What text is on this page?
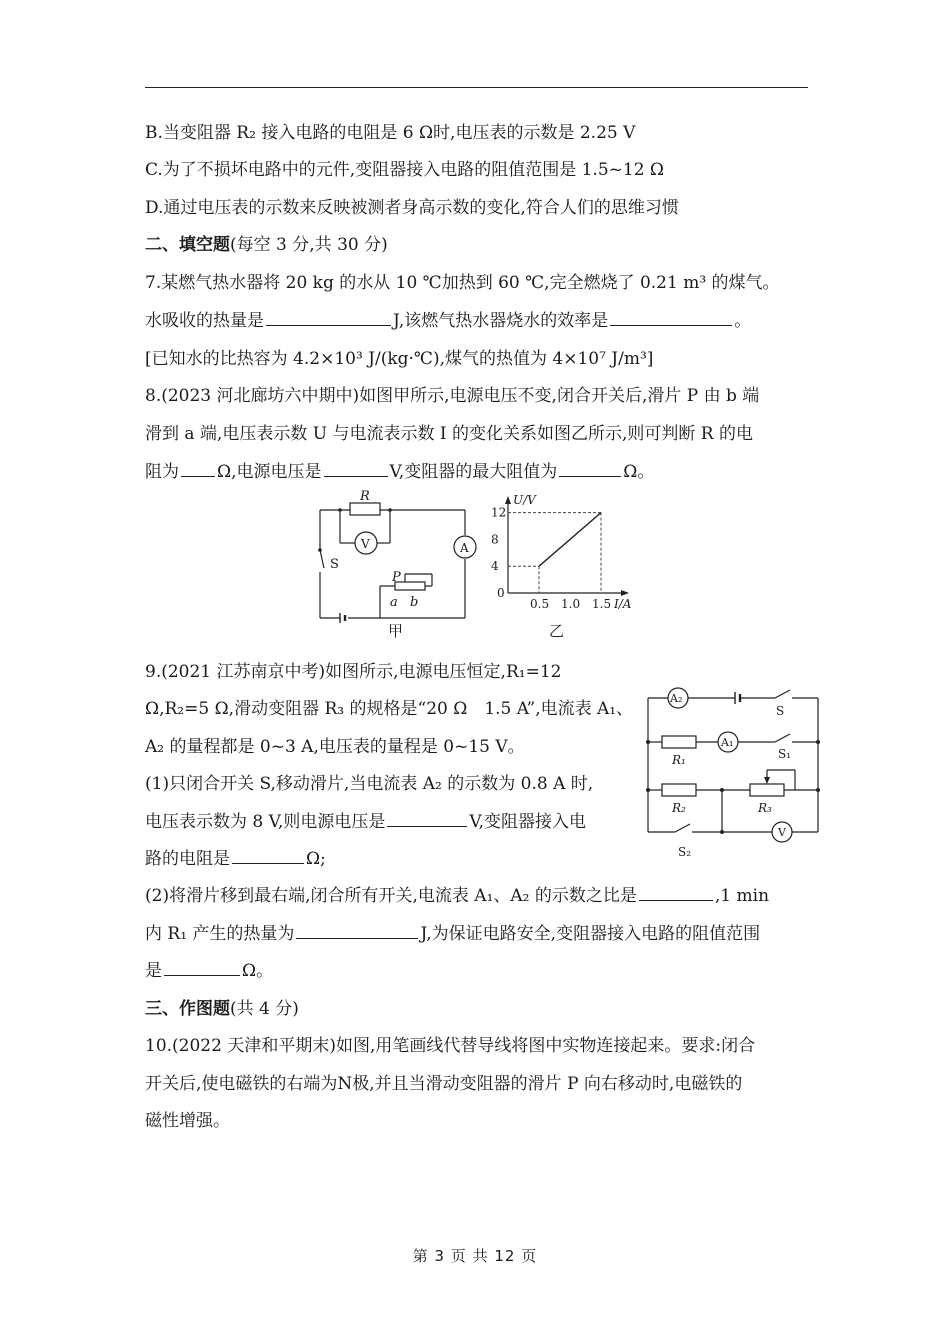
B.当变阻器 R₂ 接入电路的电阻是 6 Ω时,电压表的示数是 2.25 V
C.为了不损坏电路中的元件,变阻器接入电路的阻值范围是 1.5~12 Ω
D.通过电压表的示数来反映被测者身高示数的变化,符合人们的思维习惯
二、填空题(每空 3 分,共 30 分)
7.某燃气热水器将 20 kg 的水从 10 ℃加热到 60 ℃,完全燃烧了 0.21 m³ 的煤气。
水吸收的热量是	J,该燃气热水器烧水的效率是	。
[已知水的比热容为 4.2×10³ J/(kg·℃),煤气的热值为 4×10⁷ J/m³]
8.(2023 河北廊坊六中期中)如图甲所示,电源电压不变,闭合开关后,滑片 P 由 b 端
滑到 a 端,电压表示数 U 与电流表示数 I 的变化关系如图乙所示,则可判断 R 的电
阻为 Ω,电源电压是	V,变阻器的最大阻值为	Ω。
R
V	A
S
P
a b
甲
4
8
12
0.5 1.0 1.5
U/V
I/A
0
乙
9.(2021 江苏南京中考)如图所示,电源电压恒定,R₁=12
Ω,R₂=5 Ω,滑动变阻器 R₃ 的规格是“20 Ω　1.5 A”,电流表 A₁、
A₂ 的量程都是 0~3 A,电压表的量程是 0~15 V。
(1)只闭合开关 S,移动滑片,当电流表 A₂ 的示数为 0.8 A 时,
电压表示数为 8 V,则电源电压是	V,变阻器接入电
路的电阻是	Ω;
(2)将滑片移到最右端,闭合所有开关,电流表 A₁、A₂ 的示数之比是	,1 min
内 R₁ 产生的热量为	J,为保证电路安全,变阻器接入电路的阻值范围
是	Ω。
A₂
A₁
S
S₁
R₁
R₂	R₃
V
S₂
三、作图题(共 4 分)
10.(2022 天津和平期末)如图,用笔画线代替导线将图中实物连接起来。要求:闭合
开关后,使电磁铁的右端为N极,并且当滑动变阻器的滑片 P 向右移动时,电磁铁的
磁性增强。
第 3 页 共 12 页
